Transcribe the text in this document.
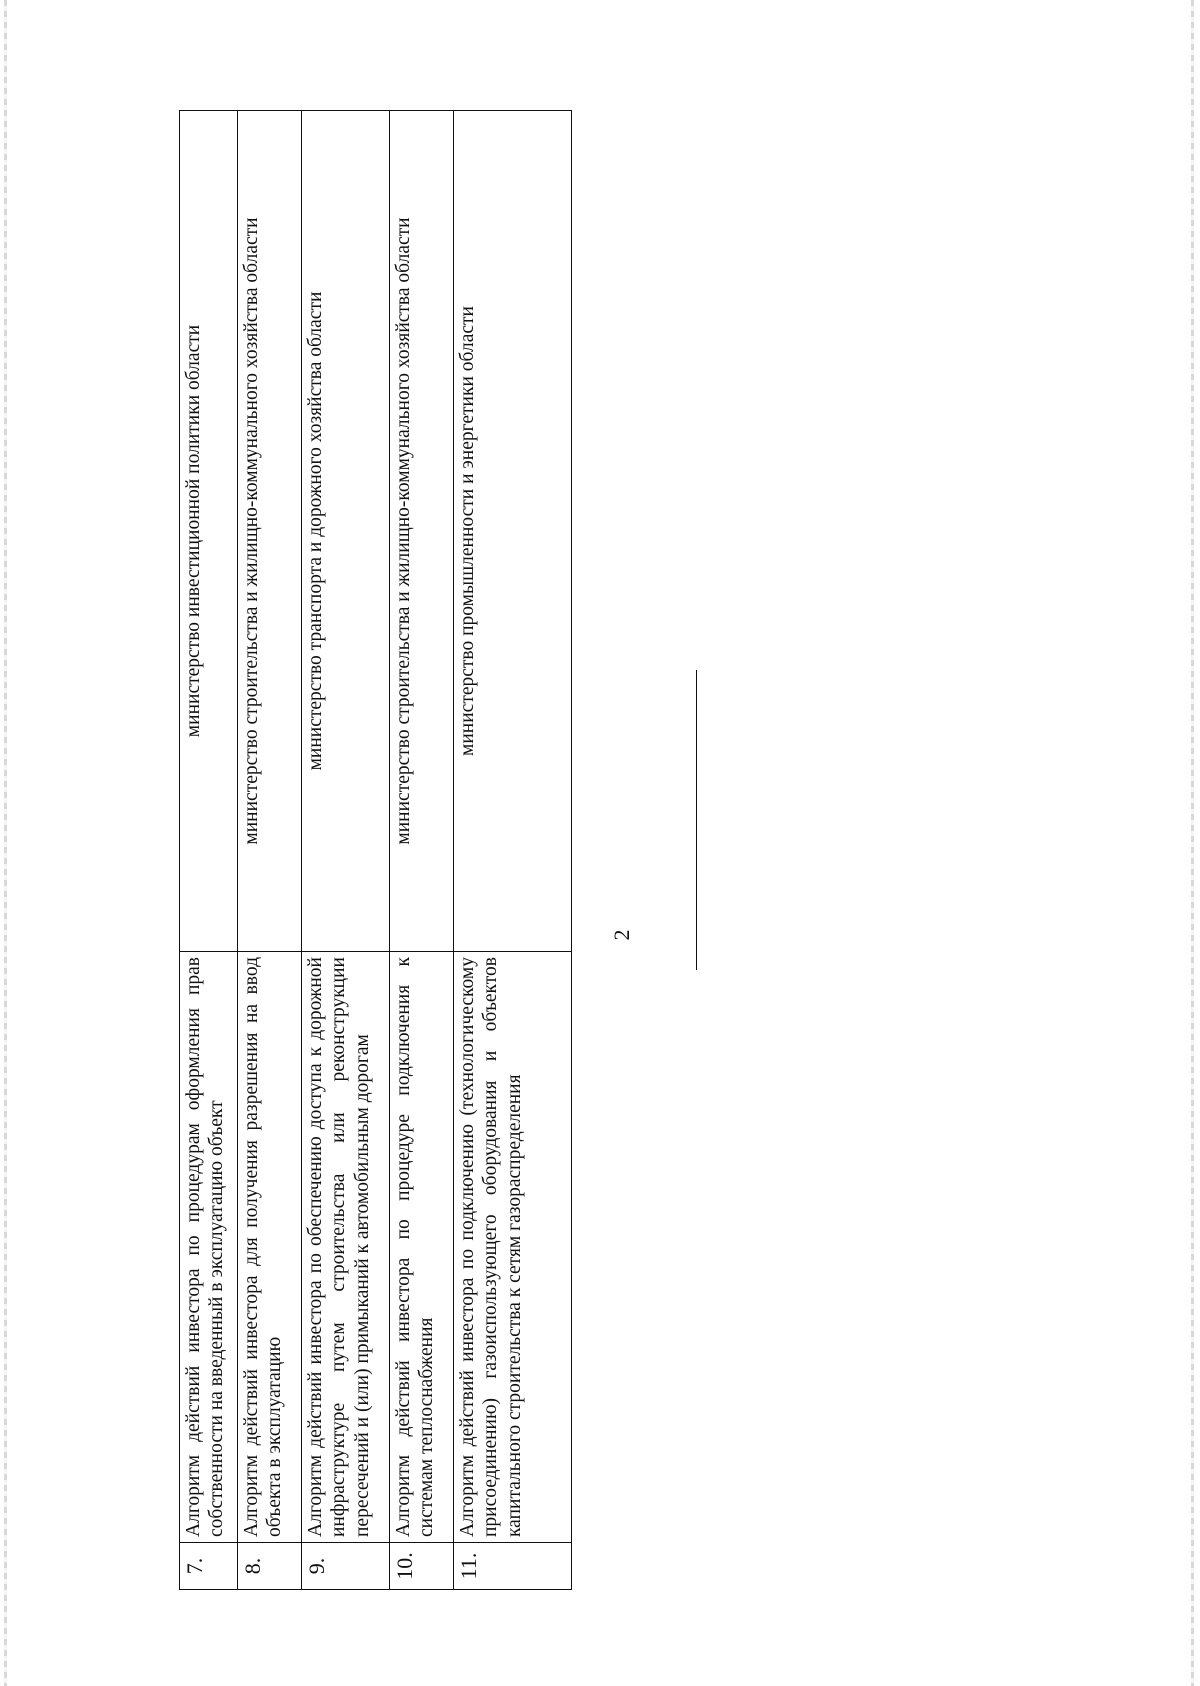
2
7.	Алгоритм действий инвестора по процедурам оформления прав собственности на введенный в эксплуатацию объект	министерство инвестиционной политики области
8.	Алгоритм действий инвестора для получения разрешения на ввод объекта в эксплуатацию	министерство строительства и жилищно-коммунального хозяйства области
9.	Алгоритм действий инвестора по обеспечению доступа к дорожной инфраструктуре путем строительства или реконструкции пересечений и (или) примыканий к автомобильным дорогам	министерство транспорта и дорожного хозяйства области
10.	Алгоритм действий инвестора по процедуре подключения к системам теплоснабжения	министерство строительства и жилищно-коммунального хозяйства области
11.	Алгоритм действий инвестора по подключению (технологическому присоединению) газоиспользующего оборудования и объектов капитального строительства к сетям газораспределения	министерство промышленности и энергетики области
